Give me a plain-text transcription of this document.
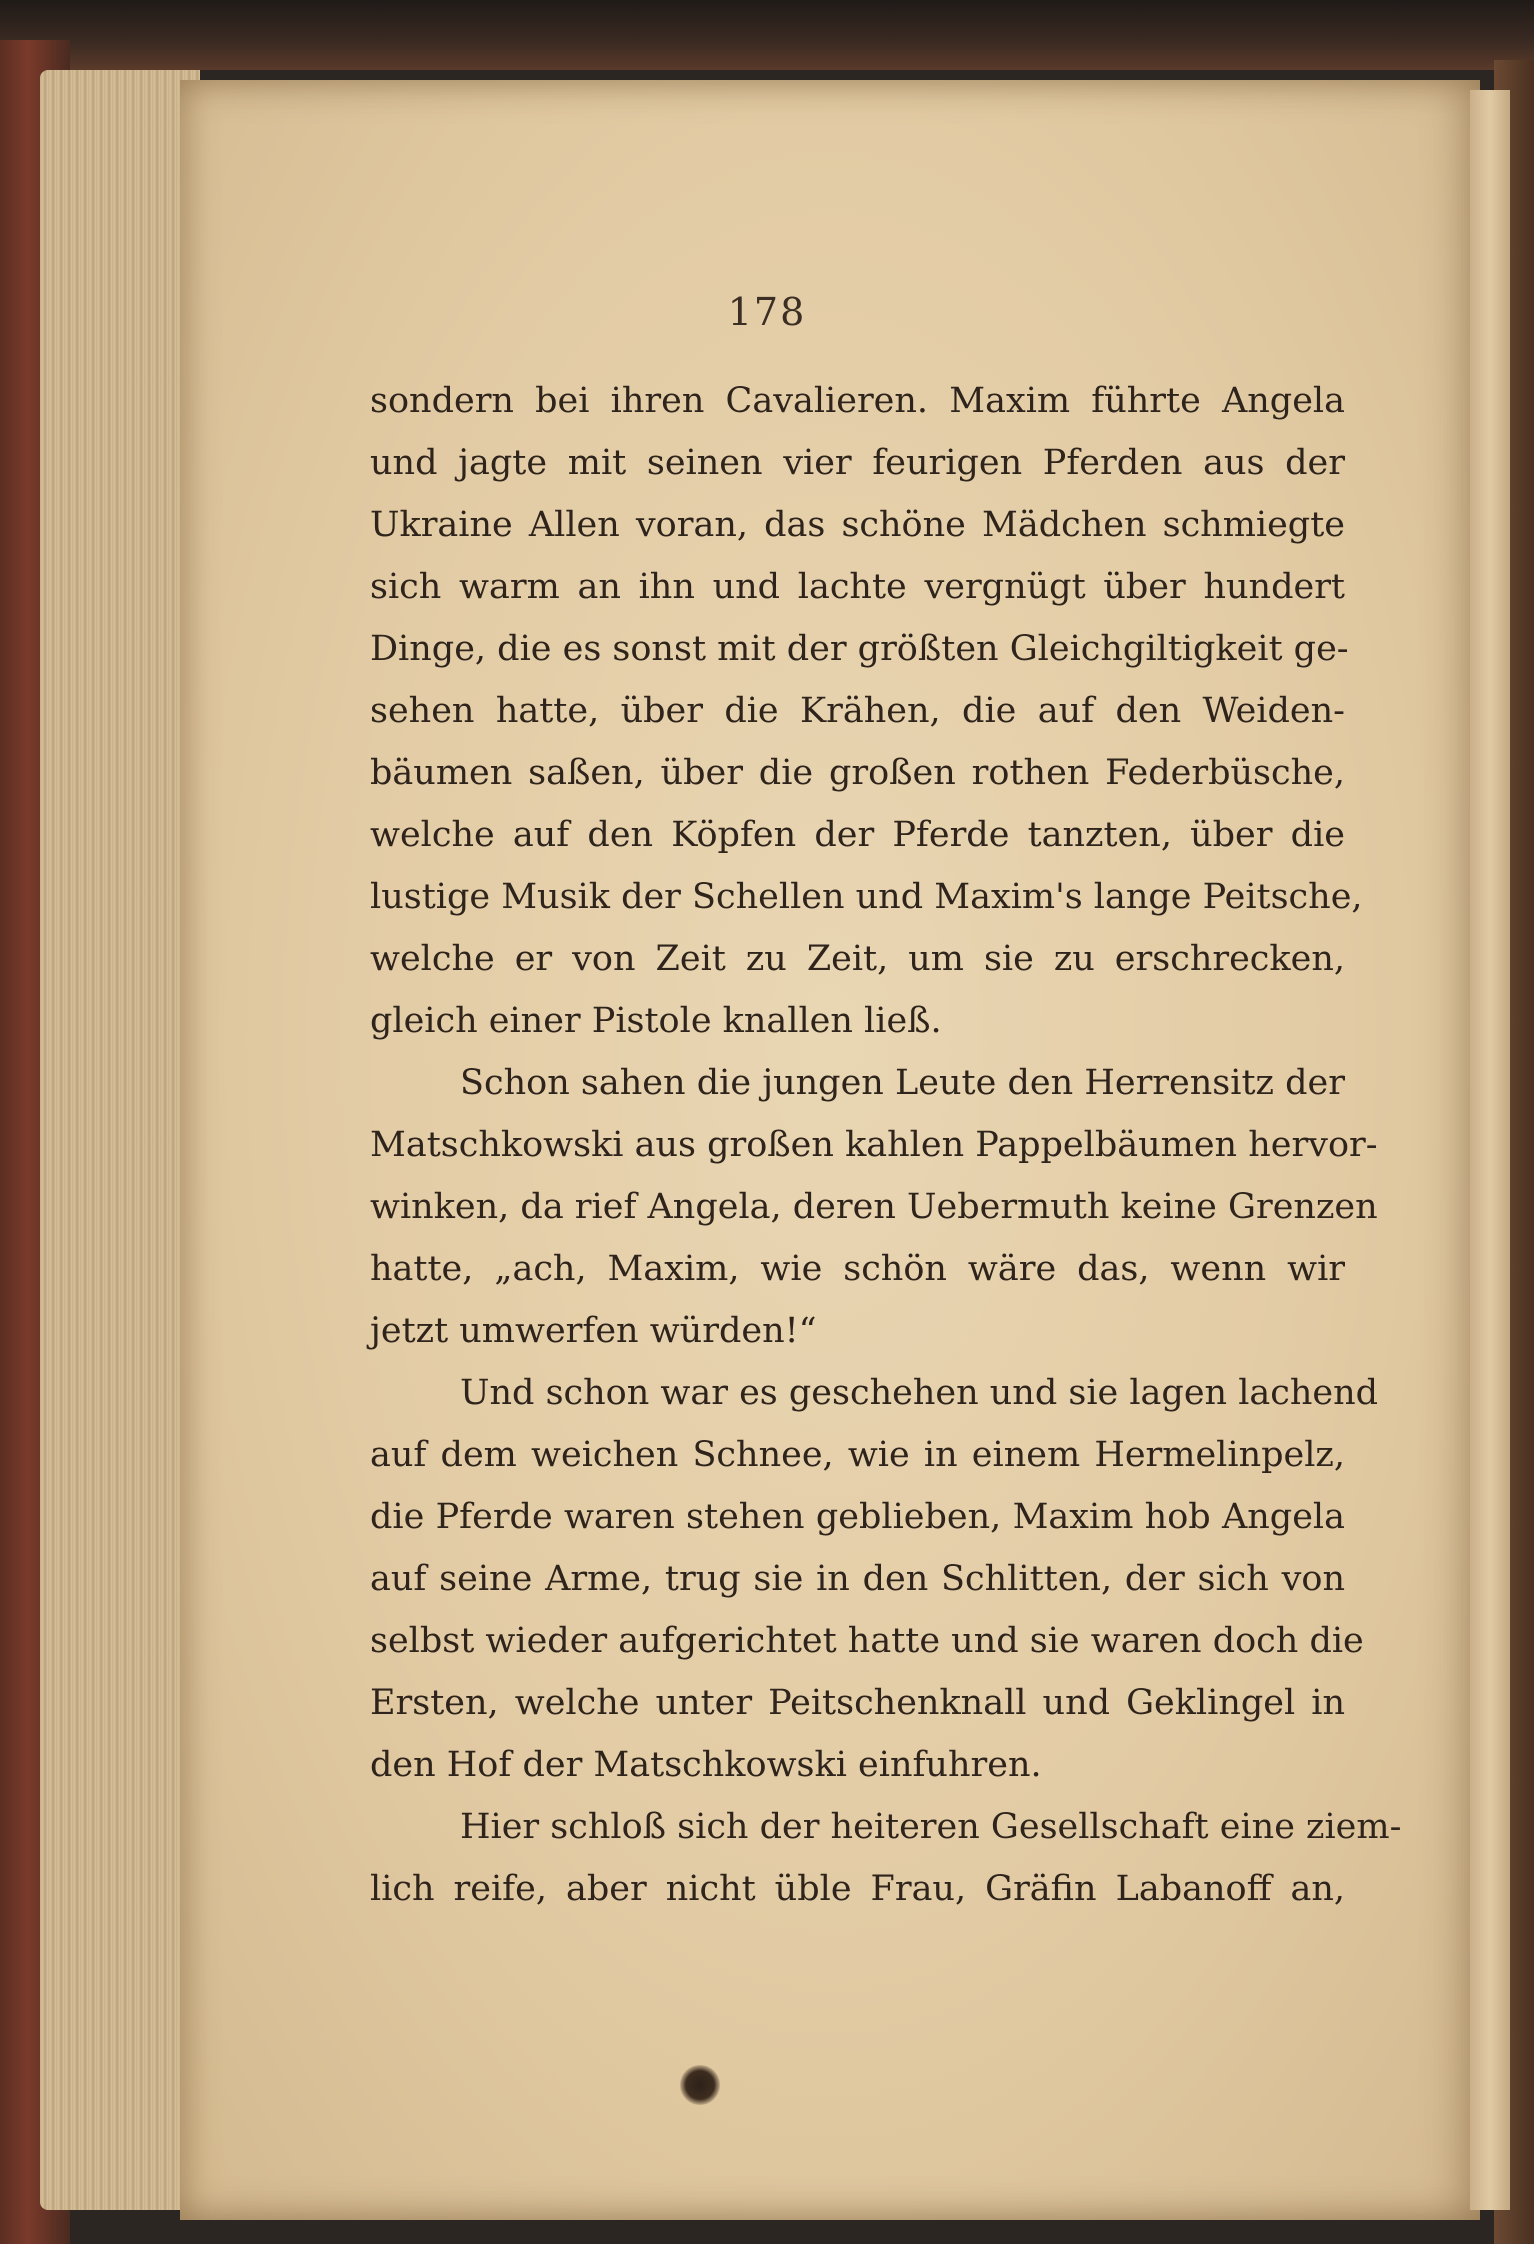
178
sondern bei ihren Cavalieren. Maxim führte Angela
und jagte mit seinen vier feurigen Pferden aus der
Ukraine Allen voran, das schöne Mädchen schmiegte
sich warm an ihn und lachte vergnügt über hundert
Dinge, die es sonst mit der größten Gleichgiltigkeit ge-
sehen hatte, über die Krähen, die auf den Weiden-
bäumen saßen, über die großen rothen Federbüsche,
welche auf den Köpfen der Pferde tanzten, über die
lustige Musik der Schellen und Maxim's lange Peitsche,
welche er von Zeit zu Zeit, um sie zu erschrecken,
gleich einer Pistole knallen ließ.
Schon sahen die jungen Leute den Herrensitz der
Matschkowski aus großen kahlen Pappelbäumen hervor-
winken, da rief Angela, deren Uebermuth keine Grenzen
hatte, „ach, Maxim, wie schön wäre das, wenn wir
jetzt umwerfen würden!“
Und schon war es geschehen und sie lagen lachend
auf dem weichen Schnee, wie in einem Hermelinpelz,
die Pferde waren stehen geblieben, Maxim hob Angela
auf seine Arme, trug sie in den Schlitten, der sich von
selbst wieder aufgerichtet hatte und sie waren doch die
Ersten, welche unter Peitschenknall und Geklingel in
den Hof der Matschkowski einfuhren.
Hier schloß sich der heiteren Gesellschaft eine ziem-
lich reife, aber nicht üble Frau, Gräfin Labanoff an,
